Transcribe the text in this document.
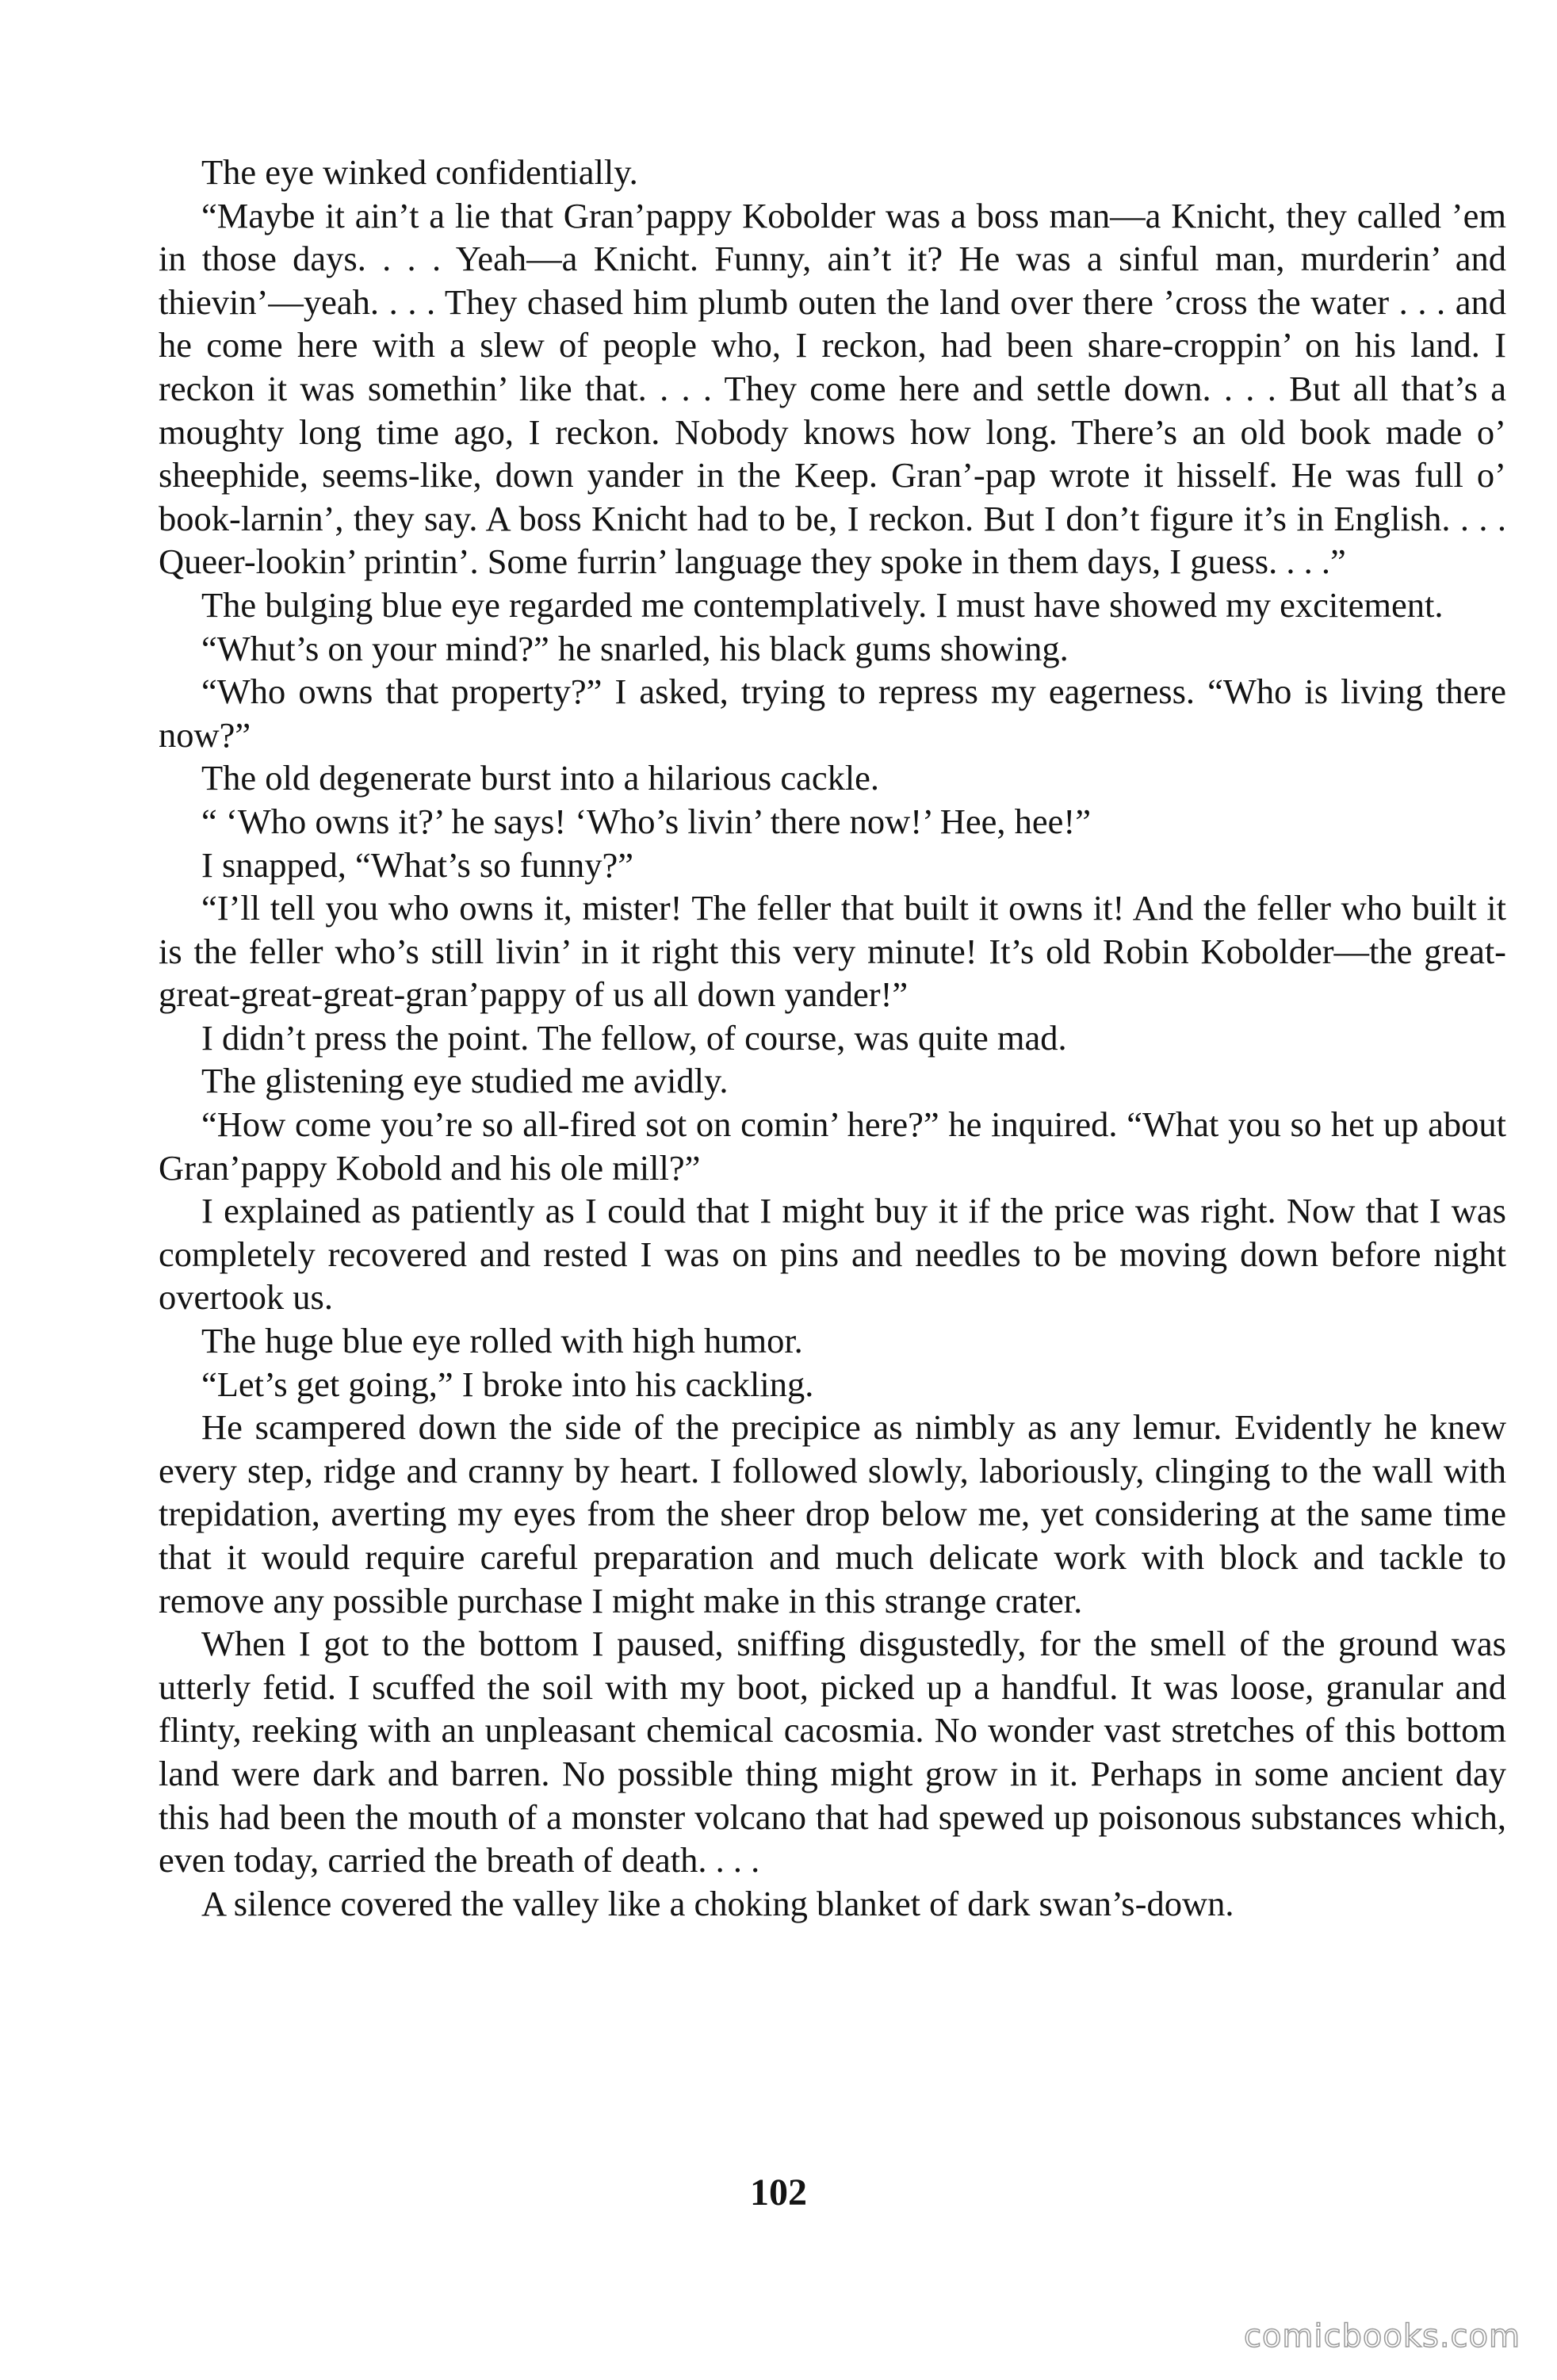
The eye winked confidentially.

“Maybe it ain’t a lie that Gran’pappy Kobolder was a boss man—a Knicht, they called ’em in those days. . . . Yeah—a Knicht. Funny, ain’t it? He was a sinful man, murderin’ and thievin’—yeah. . . . They chased him plumb outen the land over there ’cross the water . . . and he come here with a slew of people who, I reckon, had been share-croppin’ on his land. I reckon it was somethin’ like that. . . . They come here and settle down. . . . But all that’s a moughty long time ago, I reckon. Nobody knows how long. There’s an old book made o’ sheephide, seems-like, down yander in the Keep. Gran’-pap wrote it hisself. He was full o’ book-larnin’, they say. A boss Knicht had to be, I reckon. But I don’t figure it’s in English. . . . Queer-lookin’ printin’. Some furrin’ language they spoke in them days, I guess. . . .”

The bulging blue eye regarded me contemplatively. I must have showed my excitement.

“Whut’s on your mind?” he snarled, his black gums showing.

“Who owns that property?” I asked, trying to repress my eagerness. “Who is living there now?”

The old degenerate burst into a hilarious cackle.

“ ‘Who owns it?’ he says! ‘Who’s livin’ there now!’ Hee, hee!”

I snapped, “What’s so funny?”

“I’ll tell you who owns it, mister! The feller that built it owns it! And the feller who built it is the feller who’s still livin’ in it right this very minute! It’s old Robin Kobolder—the great-great-great-great-gran’pappy of us all down yander!”

I didn’t press the point. The fellow, of course, was quite mad.

The glistening eye studied me avidly.

“How come you’re so all-fired sot on comin’ here?” he inquired. “What you so het up about Gran’pappy Kobold and his ole mill?”

I explained as patiently as I could that I might buy it if the price was right. Now that I was completely recovered and rested I was on pins and needles to be moving down before night overtook us.

The huge blue eye rolled with high humor.

“Let’s get going,” I broke into his cackling.

He scampered down the side of the precipice as nimbly as any lemur. Evidently he knew every step, ridge and cranny by heart. I followed slowly, laboriously, clinging to the wall with trepidation, averting my eyes from the sheer drop below me, yet considering at the same time that it would require careful preparation and much delicate work with block and tackle to remove any possible purchase I might make in this strange crater.

When I got to the bottom I paused, sniffing disgustedly, for the smell of the ground was utterly fetid. I scuffed the soil with my boot, picked up a handful. It was loose, granular and flinty, reeking with an unpleasant chemical cacosmia. No wonder vast stretches of this bottom land were dark and barren. No possible thing might grow in it. Perhaps in some ancient day this had been the mouth of a monster volcano that had spewed up poisonous substances which, even today, carried the breath of death. . . .

A silence covered the valley like a choking blanket of dark swan’s-down.

102
comicbooks.com
